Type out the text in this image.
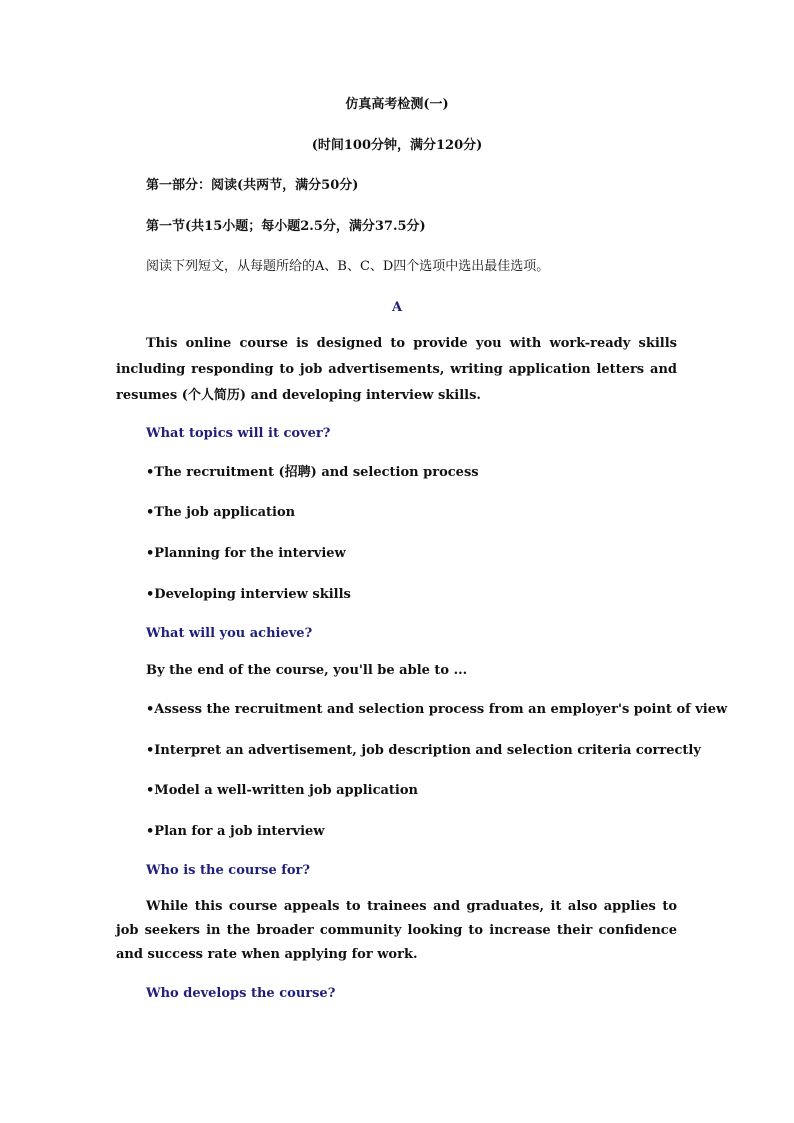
仿真高考检测(一)
(时间100分钟，满分120分)
第一部分：阅读(共两节，满分50分)
第一节(共15小题；每小题2.5分，满分37.5分)
阅读下列短文，从每题所给的A、B、C、D四个选项中选出最佳选项。
A
This online course is designed to provide you with work-ready skills including responding to job advertisements, writing application letters and resumes (个人简历) and developing interview skills.
What topics will it cover?
•The recruitment (招聘) and selection process
•The job application
•Planning for the interview
•Developing interview skills
What will you achieve?
By the end of the course, you'll be able to ...
•Assess the recruitment and selection process from an employer's point of view
•Interpret an advertisement, job description and selection criteria correctly
•Model a well-written job application
•Plan for a job interview
Who is the course for?
While this course appeals to trainees and graduates, it also applies to job seekers in the broader community looking to increase their confidence and success rate when applying for work.
Who develops the course?
